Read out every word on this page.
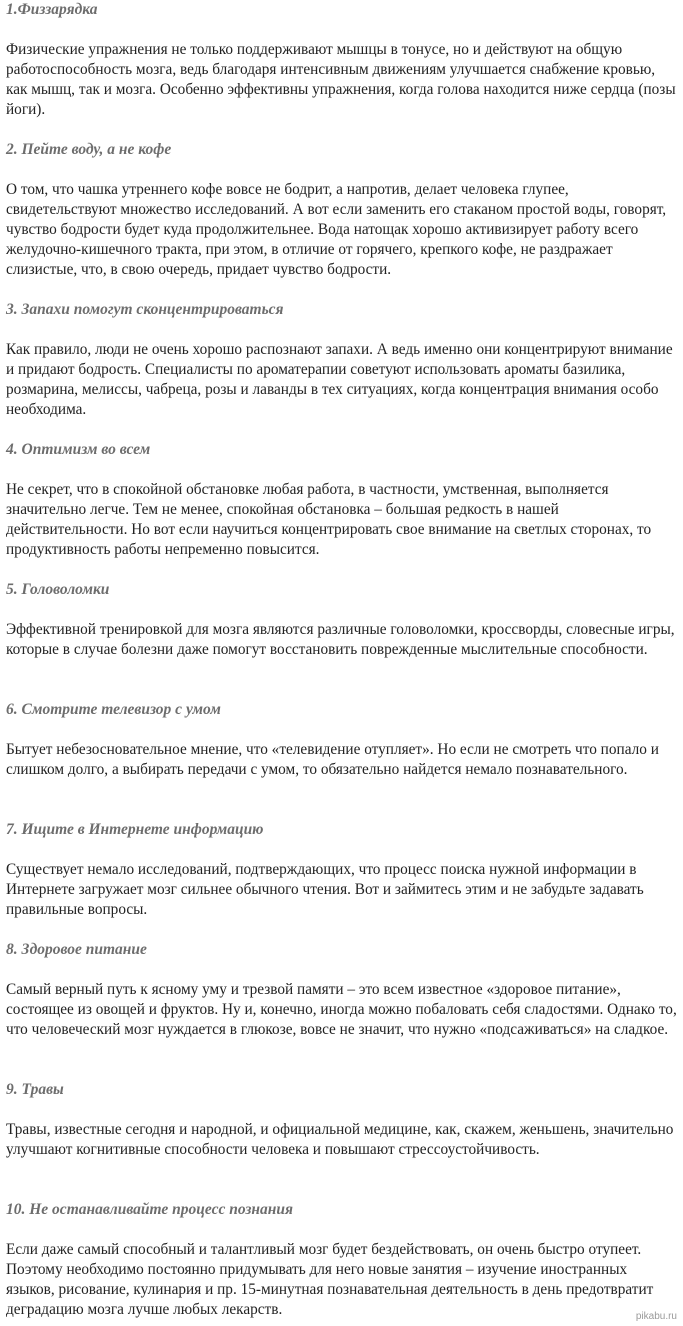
1.Физзарядка

Физические упражнения не только поддерживают мышцы в тонусе, но и действуют на общую работоспособность мозга, ведь благодаря интенсивным движениям улучшается снабжение кровью, как мышц, так и мозга. Особенно эффективны упражнения, когда голова находится ниже сердца (позы йоги).

2. Пейте воду, а не кофе

О том, что чашка утреннего кофе вовсе не бодрит, а напротив, делает человека глупее, свидетельствуют множество исследований. А вот если заменить его стаканом простой воды, говорят, чувство бодрости будет куда продолжительнее. Вода натощак хорошо активизирует работу всего желудочно-кишечного тракта, при этом, в отличие от горячего, крепкого кофе, не раздражает слизистые, что, в свою очередь, придает чувство бодрости.

3. Запахи помогут сконцентрироваться

Как правило, люди не очень хорошо распознают запахи. А ведь именно они концентрируют внимание и придают бодрость. Специалисты по ароматерапии советуют использовать ароматы базилика, розмарина, мелиссы, чабреца, розы и лаванды в тех ситуациях, когда концентрация внимания особо необходима.

4. Оптимизм во всем

Не секрет, что в спокойной обстановке любая работа, в частности, умственная, выполняется значительно легче. Тем не менее, спокойная обстановка – большая редкость в нашей действительности. Но вот если научиться концентрировать свое внимание на светлых сторонах, то продуктивность работы непременно повысится.

5. Головоломки

Эффективной тренировкой для мозга являются различные головоломки, кроссворды, словесные игры, которые в случае болезни даже помогут восстановить поврежденные мыслительные способности.

6. Смотрите телевизор с умом

Бытует небезосновательное мнение, что «телевидение отупляет». Но если не смотреть что попало и слишком долго, а выбирать передачи с умом, то обязательно найдется немало познавательного.

7. Ищите в Интернете информацию

Существует немало исследований, подтверждающих, что процесс поиска нужной информации в Интернете загружает мозг сильнее обычного чтения. Вот и займитесь этим и не забудьте задавать правильные вопросы.

8. Здоровое питание

Самый верный путь к ясному уму и трезвой памяти – это всем известное «здоровое питание», состоящее из овощей и фруктов. Ну и, конечно, иногда можно побаловать себя сладостями. Однако то, что человеческий мозг нуждается в глюкозе, вовсе не значит, что нужно «подсаживаться» на сладкое.

9. Травы

Травы, известные сегодня и народной, и официальной медицине, как, скажем, женьшень, значительно улучшают когнитивные способности человека и повышают стрессоустойчивость.

10. Не останавливайте процесс познания

Если даже самый способный и талантливый мозг будет бездействовать, он очень быстро отупеет. Поэтому необходимо постоянно придумывать для него новые занятия – изучение иностранных языков, рисование, кулинария и пр. 15-минутная познавательная деятельность в день предотвратит деградацию мозга лучше любых лекарств.	pikabu.ru
